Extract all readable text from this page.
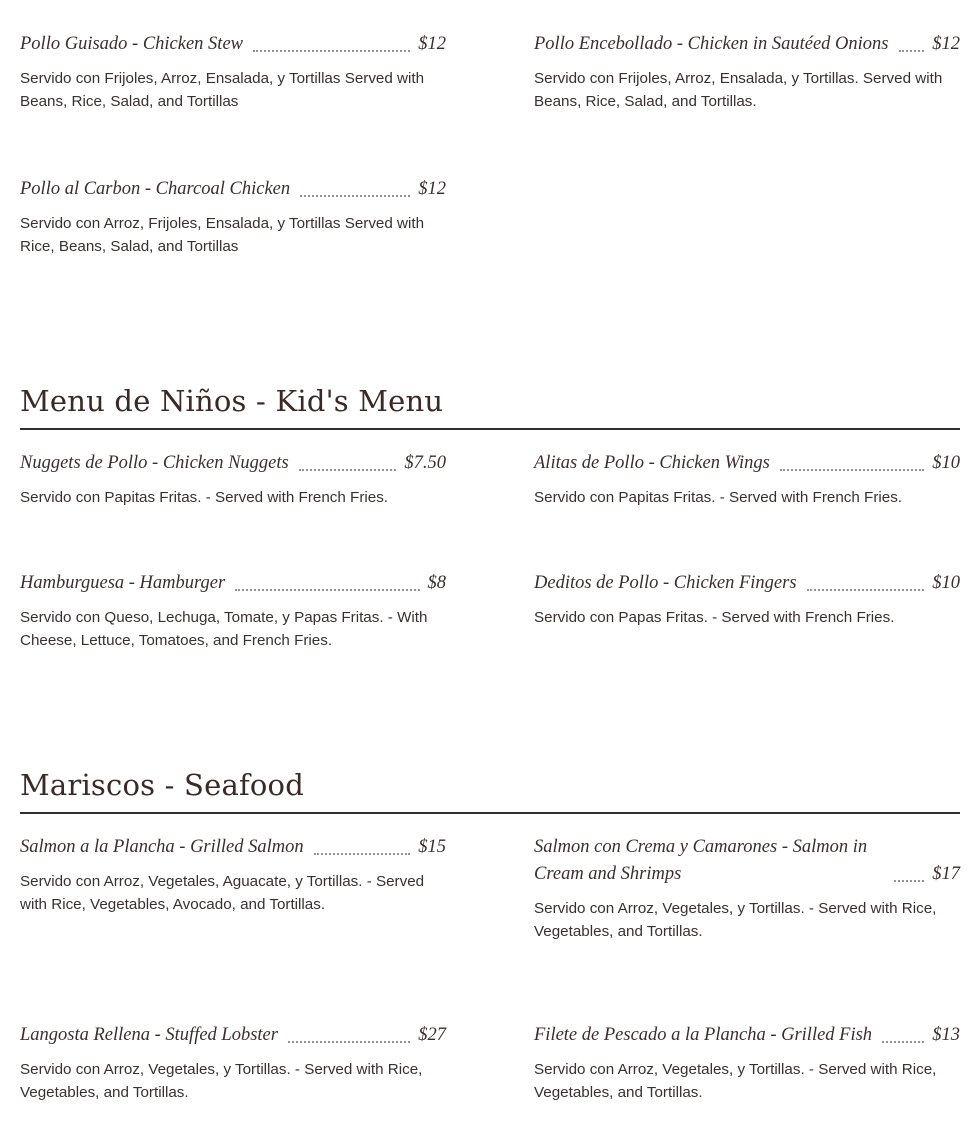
Pollo Guisado - Chicken Stew	$12
Servido con Frijoles, Arroz, Ensalada, y Tortillas Served with Beans, Rice, Salad, and Tortillas
Pollo Encebollado - Chicken in Sautéed Onions $12
Servido con Frijoles, Arroz, Ensalada, y Tortillas. Served with Beans, Rice, Salad, and Tortillas.
Pollo al Carbon - Charcoal Chicken	$12
Servido con Arroz, Frijoles, Ensalada, y Tortillas Served with Rice, Beans, Salad, and Tortillas
Menu de Niños - Kid's Menu
Nuggets de Pollo - Chicken Nuggets	$7.50
Servido con Papitas Fritas. - Served with French Fries.
Alitas de Pollo - Chicken Wings	$10
Servido con Papitas Fritas. - Served with French Fries.
Hamburguesa - Hamburger	$8
Servido con Queso, Lechuga, Tomate, y Papas Fritas. - With Cheese, Lettuce, Tomatoes, and French Fries.
Deditos de Pollo - Chicken Fingers	$10
Servido con Papas Fritas. - Served with French Fries.
Mariscos - Seafood
Salmon a la Plancha - Grilled Salmon	$15
Servido con Arroz, Vegetales, Aguacate, y Tortillas. - Served with Rice, Vegetables, Avocado, and Tortillas.
Salmon con Crema y Camarones - Salmon in Cream and Shrimps	$17
Servido con Arroz, Vegetales, y Tortillas. - Served with Rice, Vegetables, and Tortillas.
Langosta Rellena - Stuffed Lobster	$27
Servido con Arroz, Vegetales, y Tortillas. - Served with Rice, Vegetables, and Tortillas.
Filete de Pescado a la Plancha - Grilled Fish	$13
Servido con Arroz, Vegetales, y Tortillas. - Served with Rice, Vegetables, and Tortillas.
